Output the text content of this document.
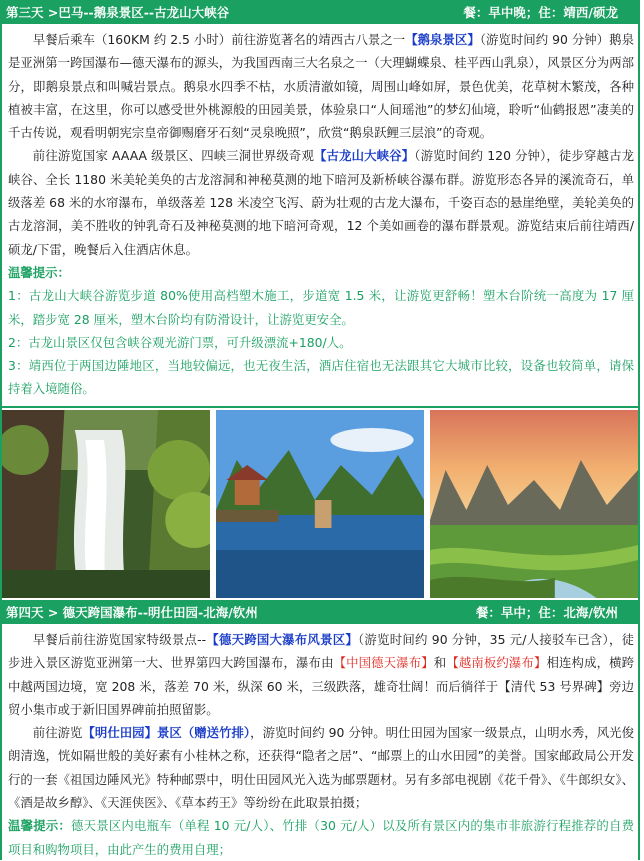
第三天 >巴马--鹅泉景区--古龙山大峡谷	餐：早中晚；住：靖西/硕龙

早餐后乘车（160KM 约 2.5 小时）前往游览著名的靖西古八景之一【鹅泉景区】（游览时间约 90 分钟）鹅泉是亚洲第一跨国瀑布—德天瀑布的源头，为我国西南三大名泉之一（大理蝴蝶泉、桂平西山乳泉），风景区分为两部分，即鹅泉景点和叫喊岩景点。鹅泉水四季不枯，水质清澈如镜，周围山峰如屏，景色优美，花草树木繁茂，各种植被丰富，在这里，你可以感受世外桃源般的田园美景，体验泉口“人间瑶池”的梦幻仙境，聆听“仙鹤报恩”凄美的千古传说，观看明朝宪宗皇帝御赐磨牙石刻“灵泉晚照”，欣赏“鹅泉跃鲤三层浪”的奇观。

前往游览国家 AAAA 级景区、四峡三洞世界级奇观【古龙山大峡谷】（游览时间约 120 分钟），徒步穿越古龙峡谷、全长 1180 米美轮美奂的古龙溶洞和神秘莫测的地下暗河及新桥峡谷瀑布群。游览形态各异的溪流奇石，单级落差 68 米的水帘瀑布，单级落差 128 米凌空飞泻、蔚为壮观的古龙大瀑布，千姿百态的悬崖绝壁，美轮美奂的古龙溶洞，美不胜收的钟乳奇石及神秘莫测的地下暗河奇观，12 个美如画卷的瀑布群景观。游览结束后前往靖西/硕龙/下雷，晚餐后入住酒店休息。

温馨提示：

1：古龙山大峡谷游览步道 80%使用高档塑木施工，步道宽 1.5 米，让游览更舒畅！塑木台阶统一高度为 17 厘米，踏步宽 28 厘米，塑木台阶均有防滑设计，让游览更安全。

2：古龙山景区仅包含峡谷观光游门票，可升级漂流+180/人。

3：靖西位于两国边陲地区，当地较偏远，也无夜生活，酒店住宿也无法跟其它大城市比较，设备也较简单，请保持着入境随俗。

第四天 > 德天跨国瀑布--明仕田园-北海/钦州	餐：早中；住：北海/钦州

早餐后前往游览国家特级景点--【德天跨国大瀑布风景区】（游览时间约 90 分钟，35 元/人接驳车已含），徒步进入景区游览亚洲第一大、世界第四大跨国瀑布，瀑布由【中国德天瀑布】和【越南板约瀑布】相连构成，横跨中越两国边境，宽 208 米，落差 70 米，纵深 60 米，三级跌落，雄奇壮阔！而后徜徉于【清代 53 号界碑】旁边贸小集市或于新旧国界碑前拍照留影。

前往游览【明仕田园】景区（赠送竹排），游览时间约 90 分钟。明仕田园为国家一级景点，山明水秀，风光俊朗清逸，恍如隔世般的美好素有小桂林之称，还获得“隐者之居”、“邮票上的山水田园”的美誉。国家邮政局公开发行的一套《祖国边陲风光》特种邮票中，明仕田园风光入选为邮票题材。另有多部电视剧《花千骨》、《牛郎织女》、《酒是故乡醇》、《天涯侠医》、《草本药王》等纷纷在此取景拍摄；

温馨提示：德天景区内电瓶车（单程 10 元/人）、竹排（30 元/人）以及所有景区内的集市非旅游行程推荐的自费项目和购物项目，由此产生的费用自理；
